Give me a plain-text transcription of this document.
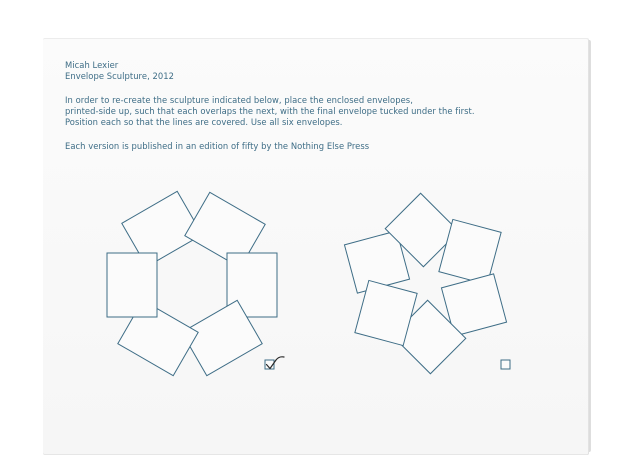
Micah Lexier
Envelope Sculpture, 2012
In order to re-create the sculpture indicated below, place the enclosed envelopes,
printed-side up, such that each overlaps the next, with the final envelope tucked under the first.
Position each so that the lines are covered. Use all six envelopes.
Each version is published in an edition of fifty by the Nothing Else Press
